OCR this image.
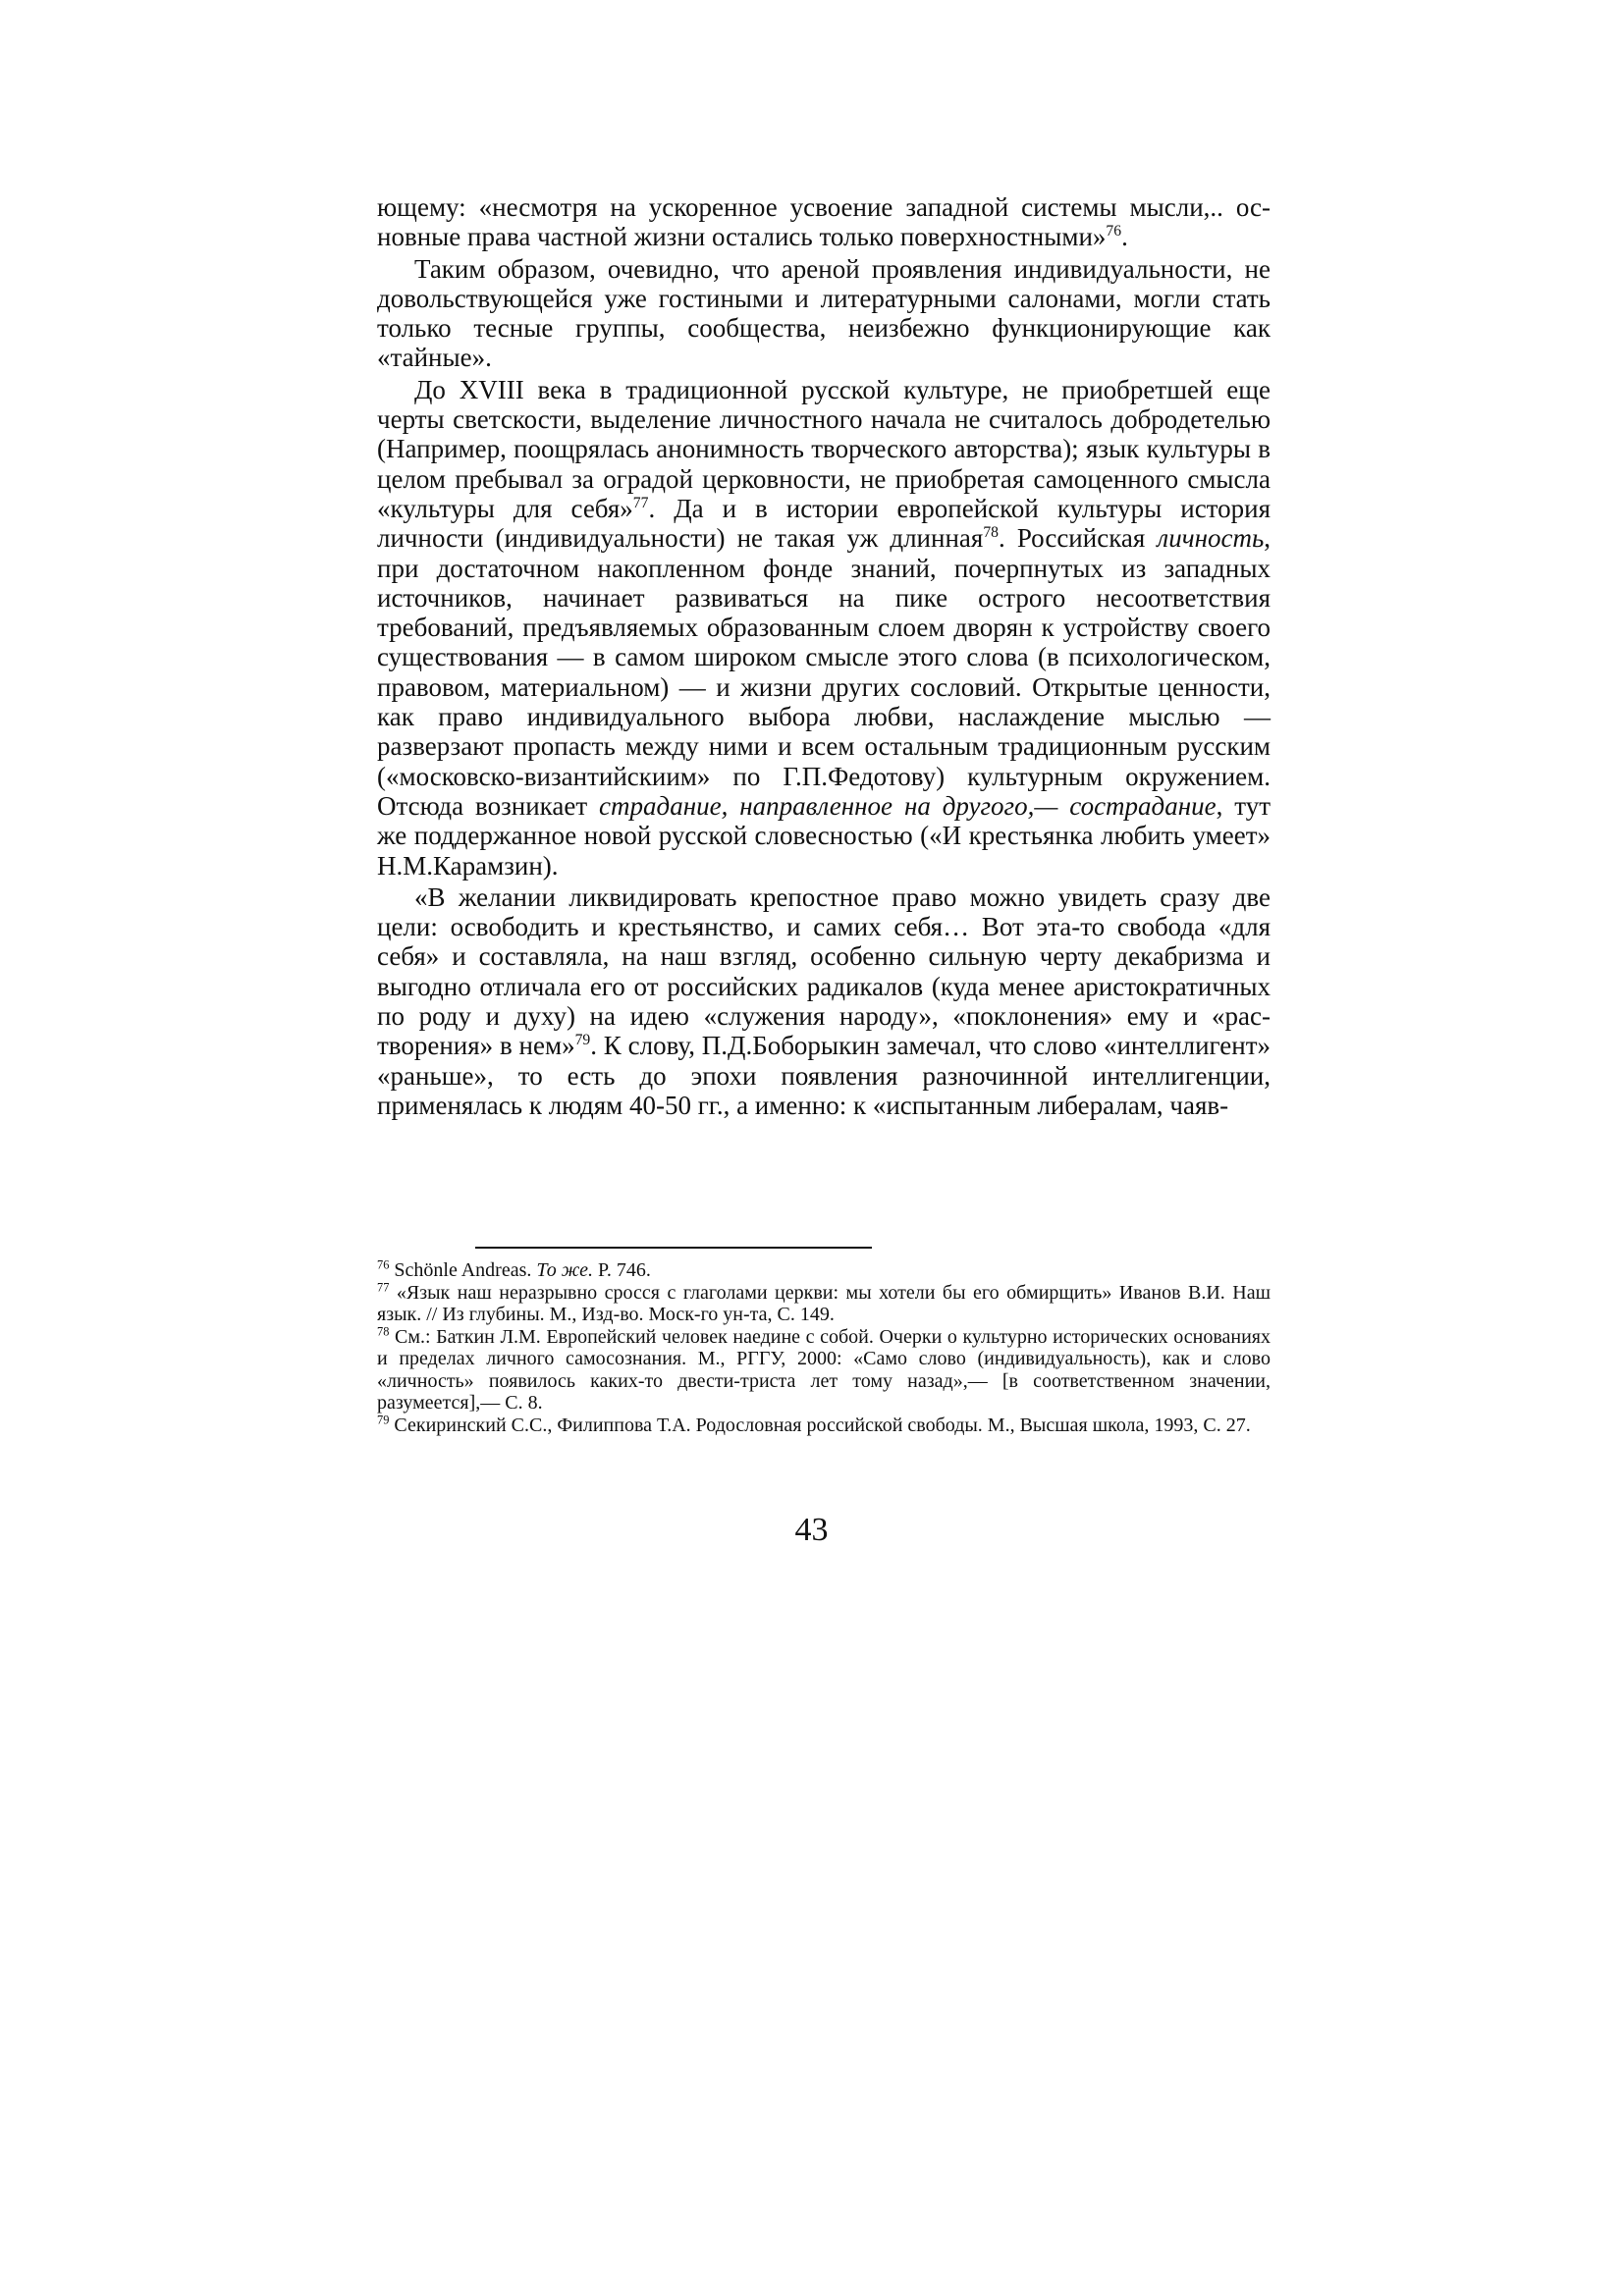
ющему: «несмотря на ускоренное усвоение западной системы мысли,.. основные права частной жизни остались только поверхностными»$^{76}$.

Таким образом, очевидно, что ареной проявления индивидуальности, не довольствующейся уже гостиными и литературными салонами, могли стать только тесные группы, сообщества, неизбежно функционирующие как «тайные».

До XVIII века в традиционной русской культуре, не приобретшей еще черты светскости, выделение личностного начала не считалось добродетелью (Например, поощрялась анонимность творческого авторства); язык культуры в целом пребывал за оградой церковности, не приобретая самоценного смысла «культуры для себя»$^{77}$. Да и в истории европейской культуры история личности (индивидуальности) не такая уж длинная$^{78}$. Российская личность, при достаточном накопленном фонде знаний, почерпнутых из западных источников, начинает развиваться на пике острого несоответствия требований, предъявляемых образованным слоем дворян к устройству своего существования — в самом широком смысле этого слова (в психологическом, правовом, материальном) — и жизни других сословий. Открытые ценности, как право индивидуального выбора любви, наслаждение мыслью — разверзают пропасть между ними и всем остальным традиционным русским («московско-византийскиим» по Г.П.Федотову) культурным окружением. Отсюда возникает страдание, направленное на другого,— сострадание, тут же поддержанное новой русской словесностью («И крестьянка любить умеет» Н.М.Карамзин).

«В желании ликвидировать крепостное право можно увидеть сразу две цели: освободить и крестьянство, и самих себя… Вот эта-то свобода «для себя» и составляла, на наш взгляд, особенно сильную черту декабризма и выгодно отличала его от российских радикалов (куда менее аристократичных по роду и духу) на идею «служения народу», «поклонения» ему и «растворения» в нем»$^{79}$. К слову, П.Д.Боборыкин замечал, что слово «интеллигент» «раньше», то есть до эпохи появления разночинной интеллигенции, применялась к людям 40-50 гг., а именно: к «испытанным либералам, чаяв-

$^{76}$ Schönle Andreas. То же. P. 746.

$^{77}$ «Язык наш неразрывно сросся с глаголами церкви: мы хотели бы его обмирщить» Иванов В.И. Наш язык. // Из глубины. М., Изд-во. Моск-го ун-та, С. 149.

$^{78}$ См.: Баткин Л.М. Европейский человек наедине с собой. Очерки о культурно исторических основаниях и пределах личного самосознания. М., РГГУ, 2000: «Само слово (индивидуальность), как и слово «личность» появилось каких-то двести-триста лет тому назад»,— [в соответственном значении, разумеется],— С. 8.

$^{79}$ Секиринский С.С., Филиппова Т.А. Родословная российской свободы. М., Высшая школа, 1993, С. 27.

43
